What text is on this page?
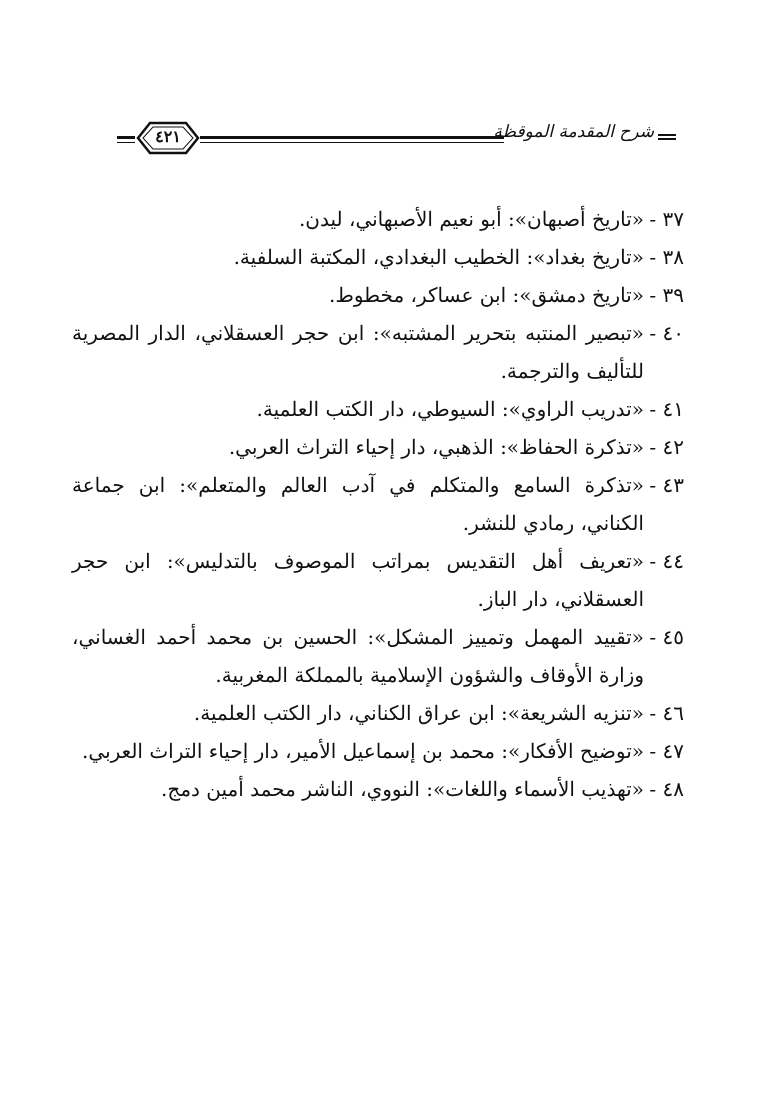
شرح المقدمة الموقظة
٤٢١
٣٧ -«تاريخ أصبهان»: أبو نعيم الأصبهاني، ليدن.
٣٨ -«تاريخ بغداد»: الخطيب البغدادي، المكتبة السلفية.
٣٩ -«تاريخ دمشق»: ابن عساكر، مخطوط.
٤٠ -«تبصير المنتبه بتحرير المشتبه»: ابن حجر العسقلاني، الدار المصرية للتأليف والترجمة.
٤١ -«تدريب الراوي»: السيوطي، دار الكتب العلمية.
٤٢ -«تذكرة الحفاظ»: الذهبي، دار إحياء التراث العربي.
٤٣ -«تذكرة السامع والمتكلم في آدب العالم والمتعلم»: ابن جماعة الكناني، رمادي للنشر.
٤٤ -«تعريف أهل التقديس بمراتب الموصوف بالتدليس»: ابن حجر العسقلاني، دار الباز.
٤٥ -«تقييد المهمل وتمييز المشكل»: الحسين بن محمد أحمد الغساني، وزارة الأوقاف والشؤون الإسلامية بالمملكة المغربية.
٤٦ -«تنزيه الشريعة»: ابن عراق الكناني، دار الكتب العلمية.
٤٧ -«توضيح الأفكار»: محمد بن إسماعيل الأمير، دار إحياء التراث العربي.
٤٨ -«تهذيب الأسماء واللغات»: النووي، الناشر محمد أمين دمج.
